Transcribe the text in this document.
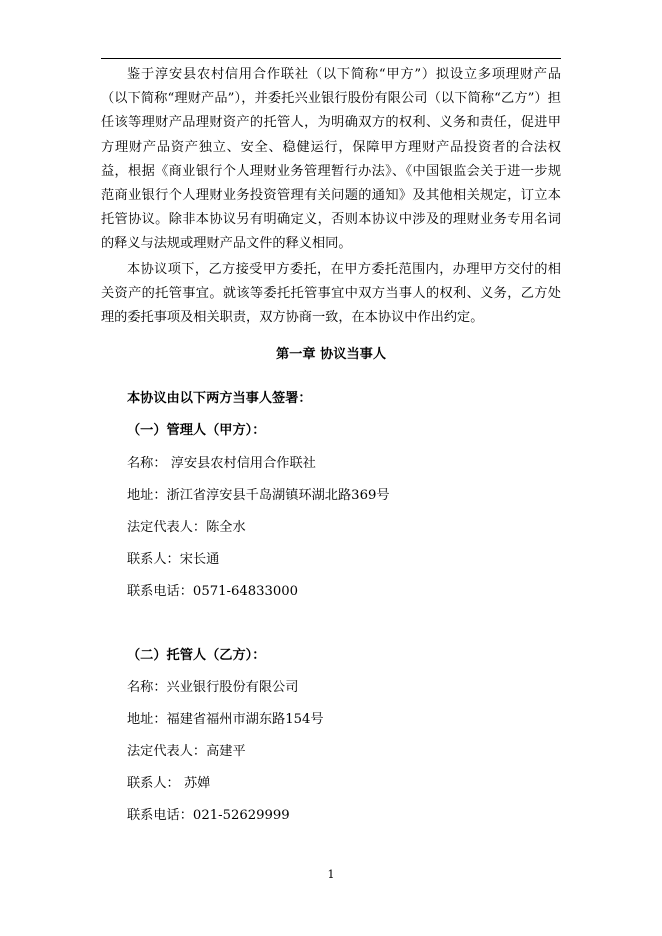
鉴于淳安县农村信用合作联社（以下简称“甲方”）拟设立多项理财产品（以下简称“理财产品”），并委托兴业银行股份有限公司（以下简称“乙方”）担任该等理财产品理财资产的托管人，为明确双方的权利、义务和责任，促进甲方理财产品资产独立、安全、稳健运行，保障甲方理财产品投资者的合法权益，根据《商业银行个人理财业务管理暂行办法》、《中国银监会关于进一步规范商业银行个人理财业务投资管理有关问题的通知》及其他相关规定，订立本托管协议。除非本协议另有明确定义，否则本协议中涉及的理财业务专用名词的释义与法规或理财产品文件的释义相同。

本协议项下，乙方接受甲方委托，在甲方委托范围内，办理甲方交付的相关资产的托管事宜。就该等委托托管事宜中双方当事人的权利、义务，乙方处理的委托事项及相关职责，双方协商一致，在本协议中作出约定。

第一章 协议当事人
本协议由以下两方当事人签署：
（一）管理人（甲方）：
名称： 淳安县农村信用合作联社
地址：浙江省淳安县千岛湖镇环湖北路369号
法定代表人：陈全水
联系人：宋长通
联系电话：0571-64833000
（二）托管人（乙方）：
名称：兴业银行股份有限公司
地址：福建省福州市湖东路154号
法定代表人：高建平
联系人： 苏婵
联系电话：021-52629999
1
